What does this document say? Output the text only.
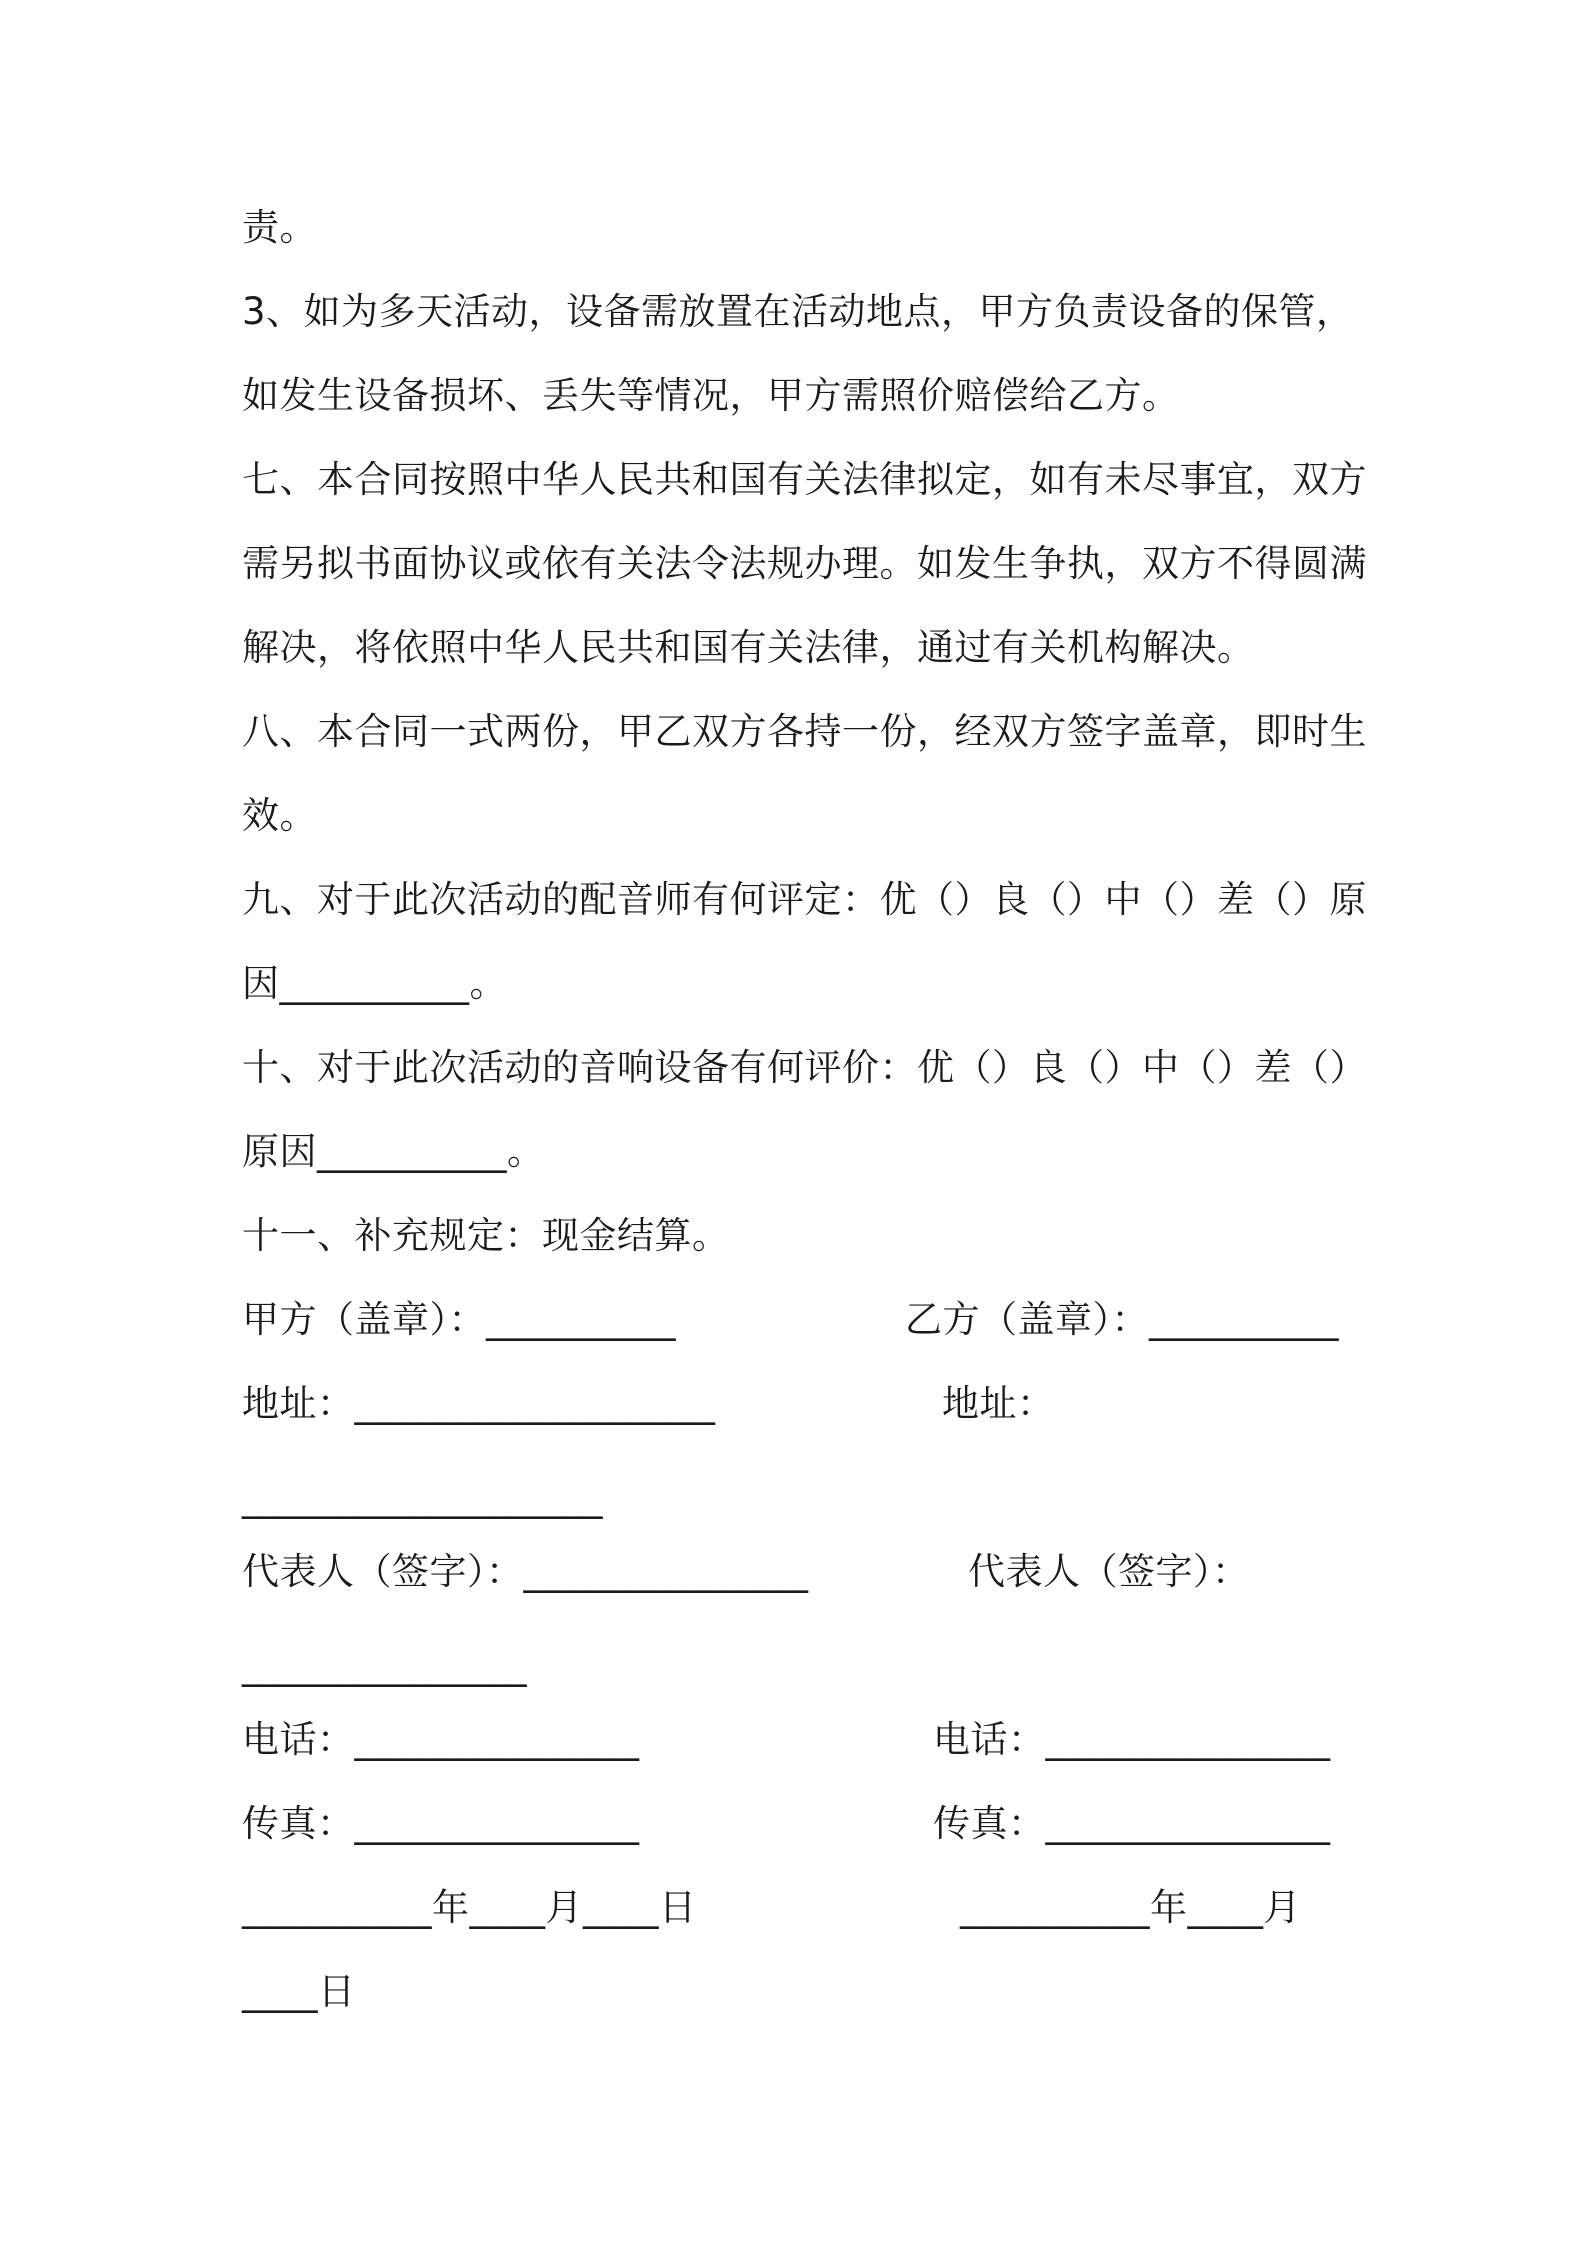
责。
3、如为多天活动，设备需放置在活动地点，甲方负责设备的保管，
如发生设备损坏、丢失等情况，甲方需照价赔偿给乙方。
七、本合同按照中华人民共和国有关法律拟定，如有未尽事宜，双方
需另拟书面协议或依有关法令法规办理。如发生争执，双方不得圆满
解决，将依照中华人民共和国有关法律，通过有关机构解决。
八、本合同一式两份，甲乙双方各持一份，经双方签字盖章，即时生
效。
九、对于此次活动的配音师有何评定：优（）良（）中（）差（）原
因__________。
十、对于此次活动的音响设备有何评价：优（）良（）中（）差（）
原因__________。
十一、补充规定：现金结算。
甲方（盖章）：__________	乙方（盖章）：__________
地址：___________________	地址：
___________________
代表人（签字）：_______________	代表人（签字）：
_______________
电话：_______________	电话：_______________
传真：_______________	传真：_______________
__________年____月____日	__________年____月
____日
